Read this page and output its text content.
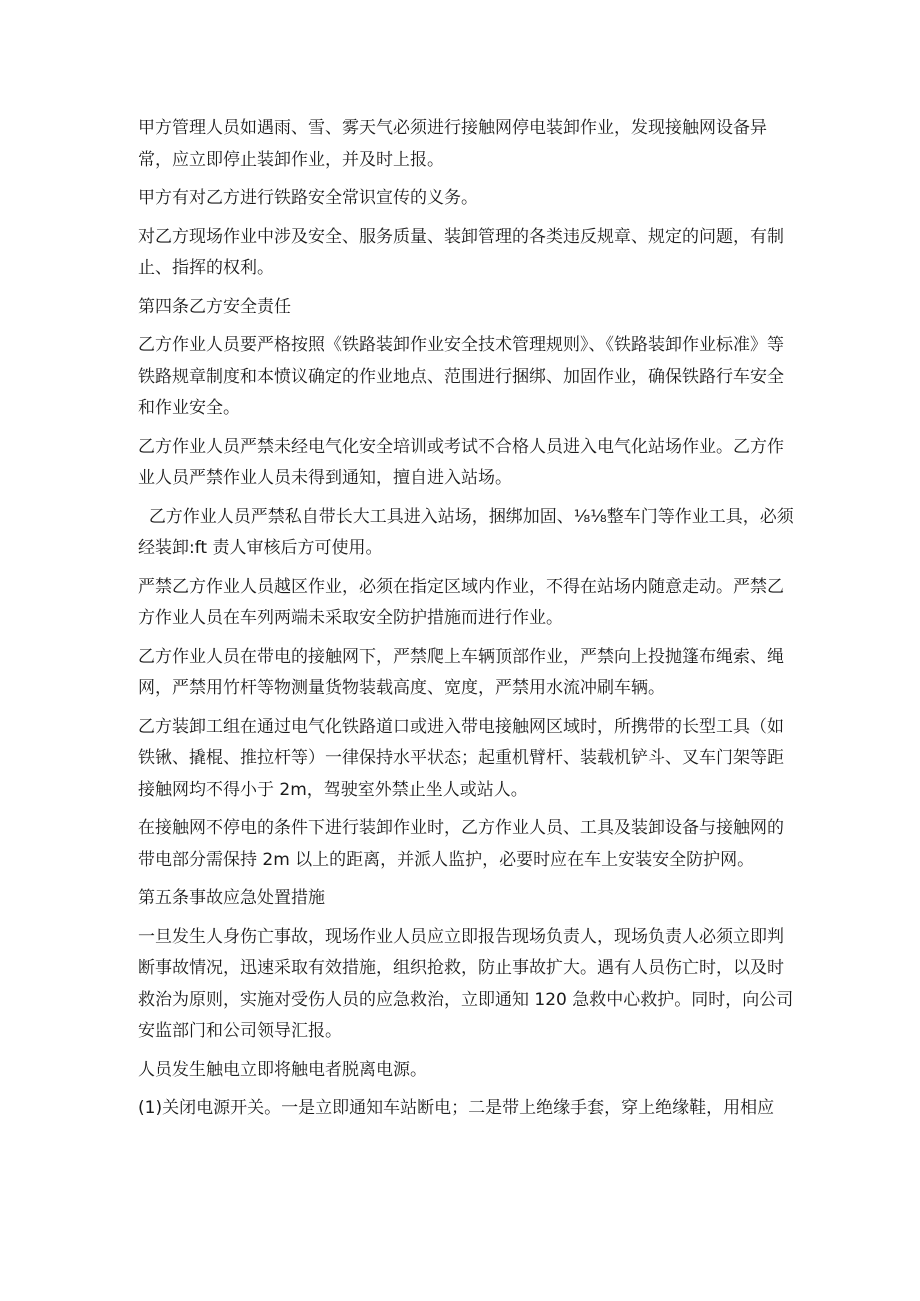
甲方管理人员如遇雨、雪、雾天气必须进行接触网停电装卸作业，发现接触网设备异常，应立即停止装卸作业，并及时上报。

甲方有对乙方进行铁路安全常识宣传的义务。

对乙方现场作业中涉及安全、服务质量、装卸管理的各类违反规章、规定的问题，有制止、指挥的权利。

第四条乙方安全责任

乙方作业人员要严格按照《铁路装卸作业安全技术管理规则》、《铁路装卸作业标准》等铁路规章制度和本愤议确定的作业地点、范围进行捆绑、加固作业，确保铁路行车安全和作业安全。

乙方作业人员严禁未经电气化安全培训或考试不合格人员进入电气化站场作业。乙方作业人员严禁作业人员未得到通知，擅自进入站场。

乙方作业人员严禁私自带长大工具进入站场，捆绑加固、⅛⅛整车门等作业工具，必须经装卸:ft 责人审核后方可使用。

严禁乙方作业人员越区作业，必须在指定区域内作业，不得在站场内随意走动。严禁乙方作业人员在车列两端未采取安全防护措施而进行作业。

乙方作业人员在带电的接触网下，严禁爬上车辆顶部作业，严禁向上投抛篷布绳索、绳网，严禁用竹杆等物测量货物装载高度、宽度，严禁用水流冲刷车辆。

乙方装卸工组在通过电气化铁路道口或进入带电接触网区域时，所携带的长型工具（如铁锹、撬棍、推拉杆等）一律保持水平状态；起重机臂杆、装载机铲斗、叉车门架等距接触网均不得小于 2m，驾驶室外禁止坐人或站人。

在接触网不停电的条件下进行装卸作业时，乙方作业人员、工具及装卸设备与接触网的带电部分需保持 2m 以上的距离，并派人监护，必要时应在车上安装安全防护网。

第五条事故应急处置措施

一旦发生人身伤亡事故，现场作业人员应立即报告现场负责人，现场负责人必须立即判断事故情况，迅速采取有效措施，组织抢救，防止事故扩大。遇有人员伤亡时，以及时救治为原则，实施对受伤人员的应急救治，立即通知 120 急救中心救护。同时，向公司安监部门和公司领导汇报。

人员发生触电立即将触电者脱离电源。

(1)关闭电源开关。一是立即通知车站断电；二是带上绝缘手套，穿上绝缘鞋，用相应
